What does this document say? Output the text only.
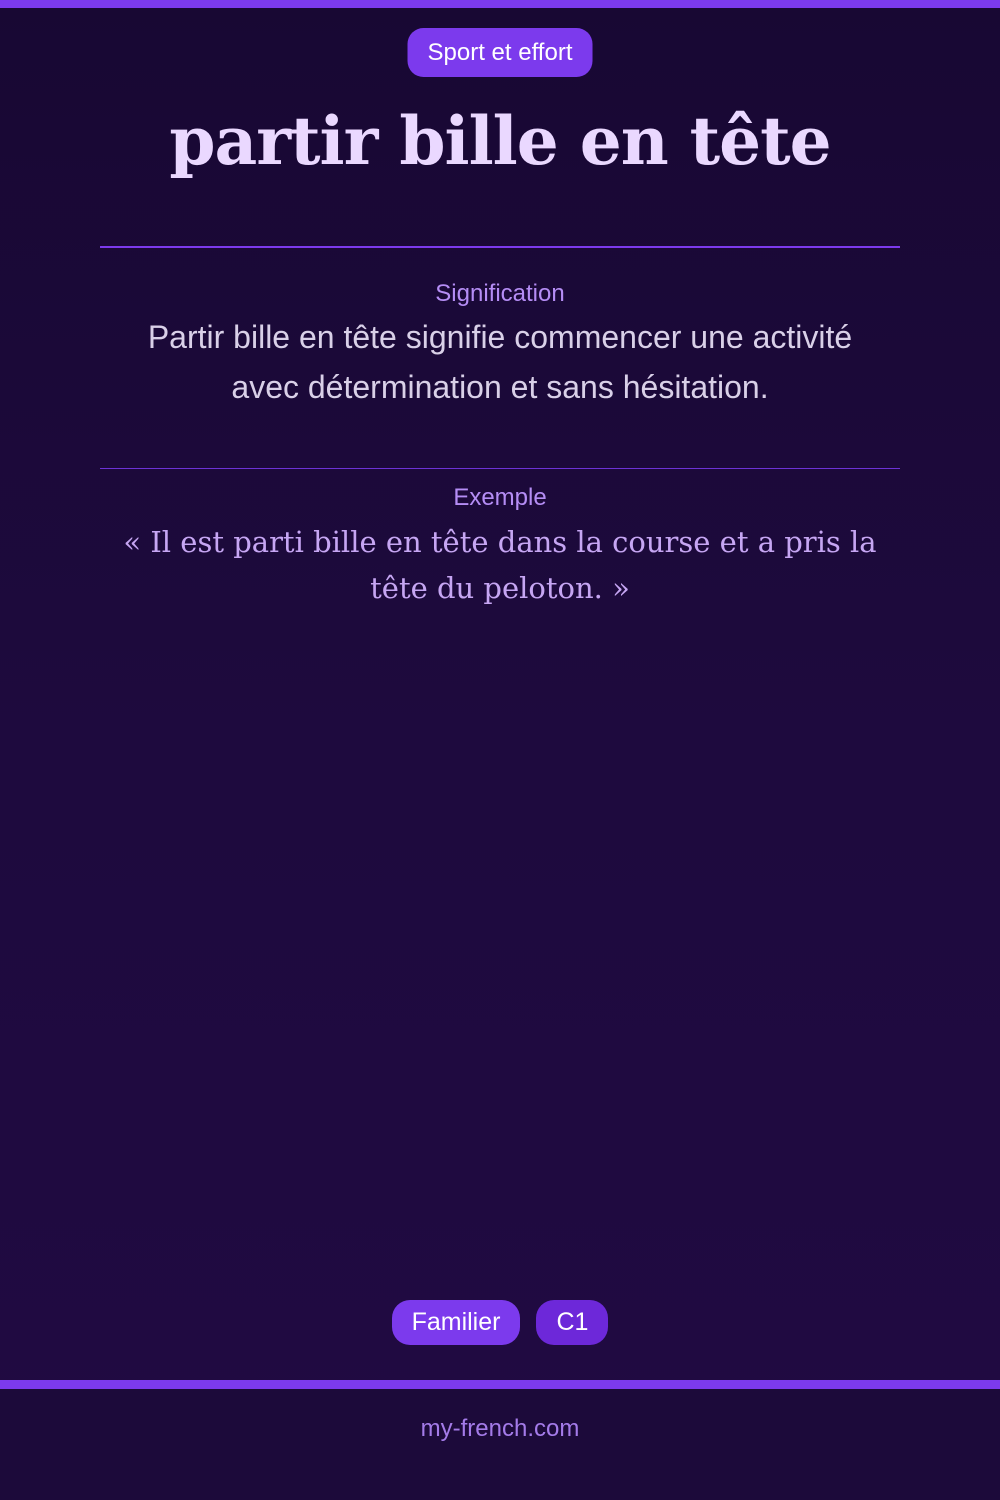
Sport et effort
partir bille en tête
Signification

Partir bille en tête signifie commencer une activité avec détermination et sans hésitation.

Exemple

« Il est parti bille en tête dans la course et a pris la tête du peloton. »

Familier	C1
my-french.com
